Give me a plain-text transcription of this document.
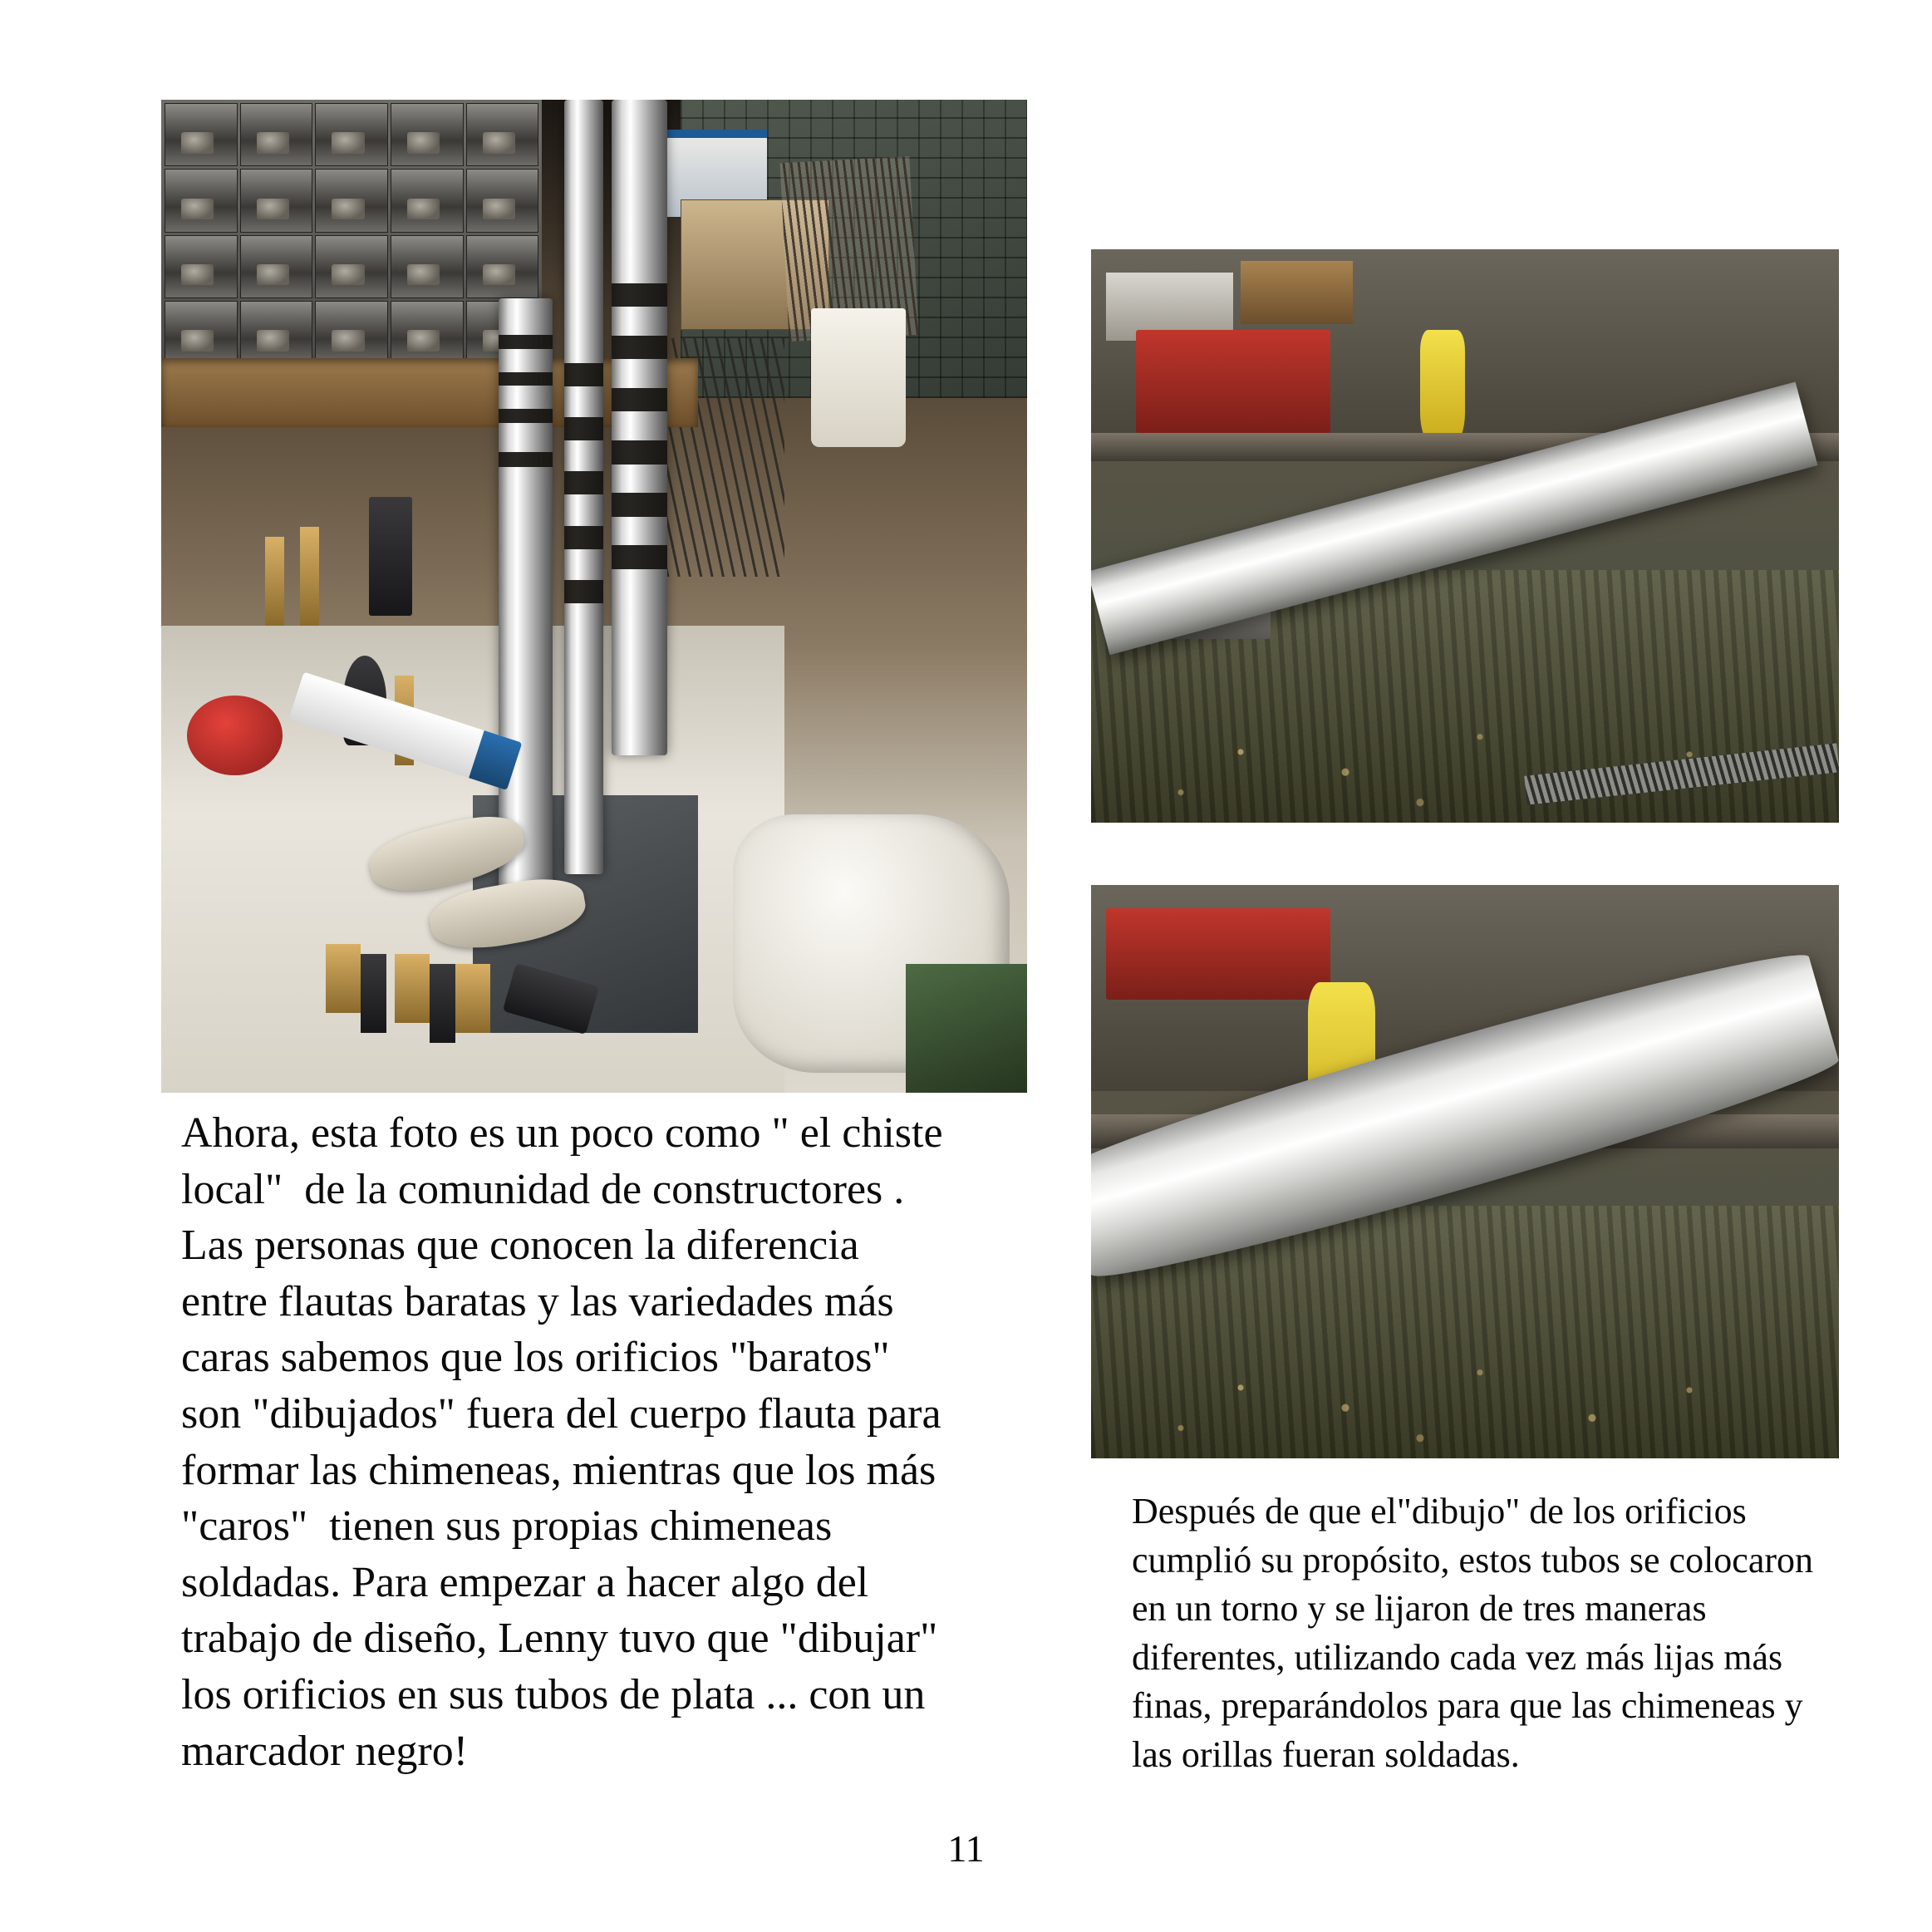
Ahora, esta foto es un poco como " el chiste local"  de la comunidad de constructores . Las personas que conocen la diferencia entre flautas baratas y las variedades más caras sabemos que los orificios "baratos" son "dibujados" fuera del cuerpo flauta para formar las chimeneas, mientras que los más "caros"  tienen sus propias chimeneas soldadas. Para empezar a hacer algo del trabajo de diseño, Lenny tuvo que "dibujar" los orificios en sus tubos de plata ... con un marcador negro!
Después de que el"dibujo" de los orificios cumplió su propósito, estos tubos se colocaron en un torno y se lijaron de tres maneras diferentes, utilizando cada vez más lijas más finas, preparándolos para que las chimeneas y las orillas fueran soldadas.
11
